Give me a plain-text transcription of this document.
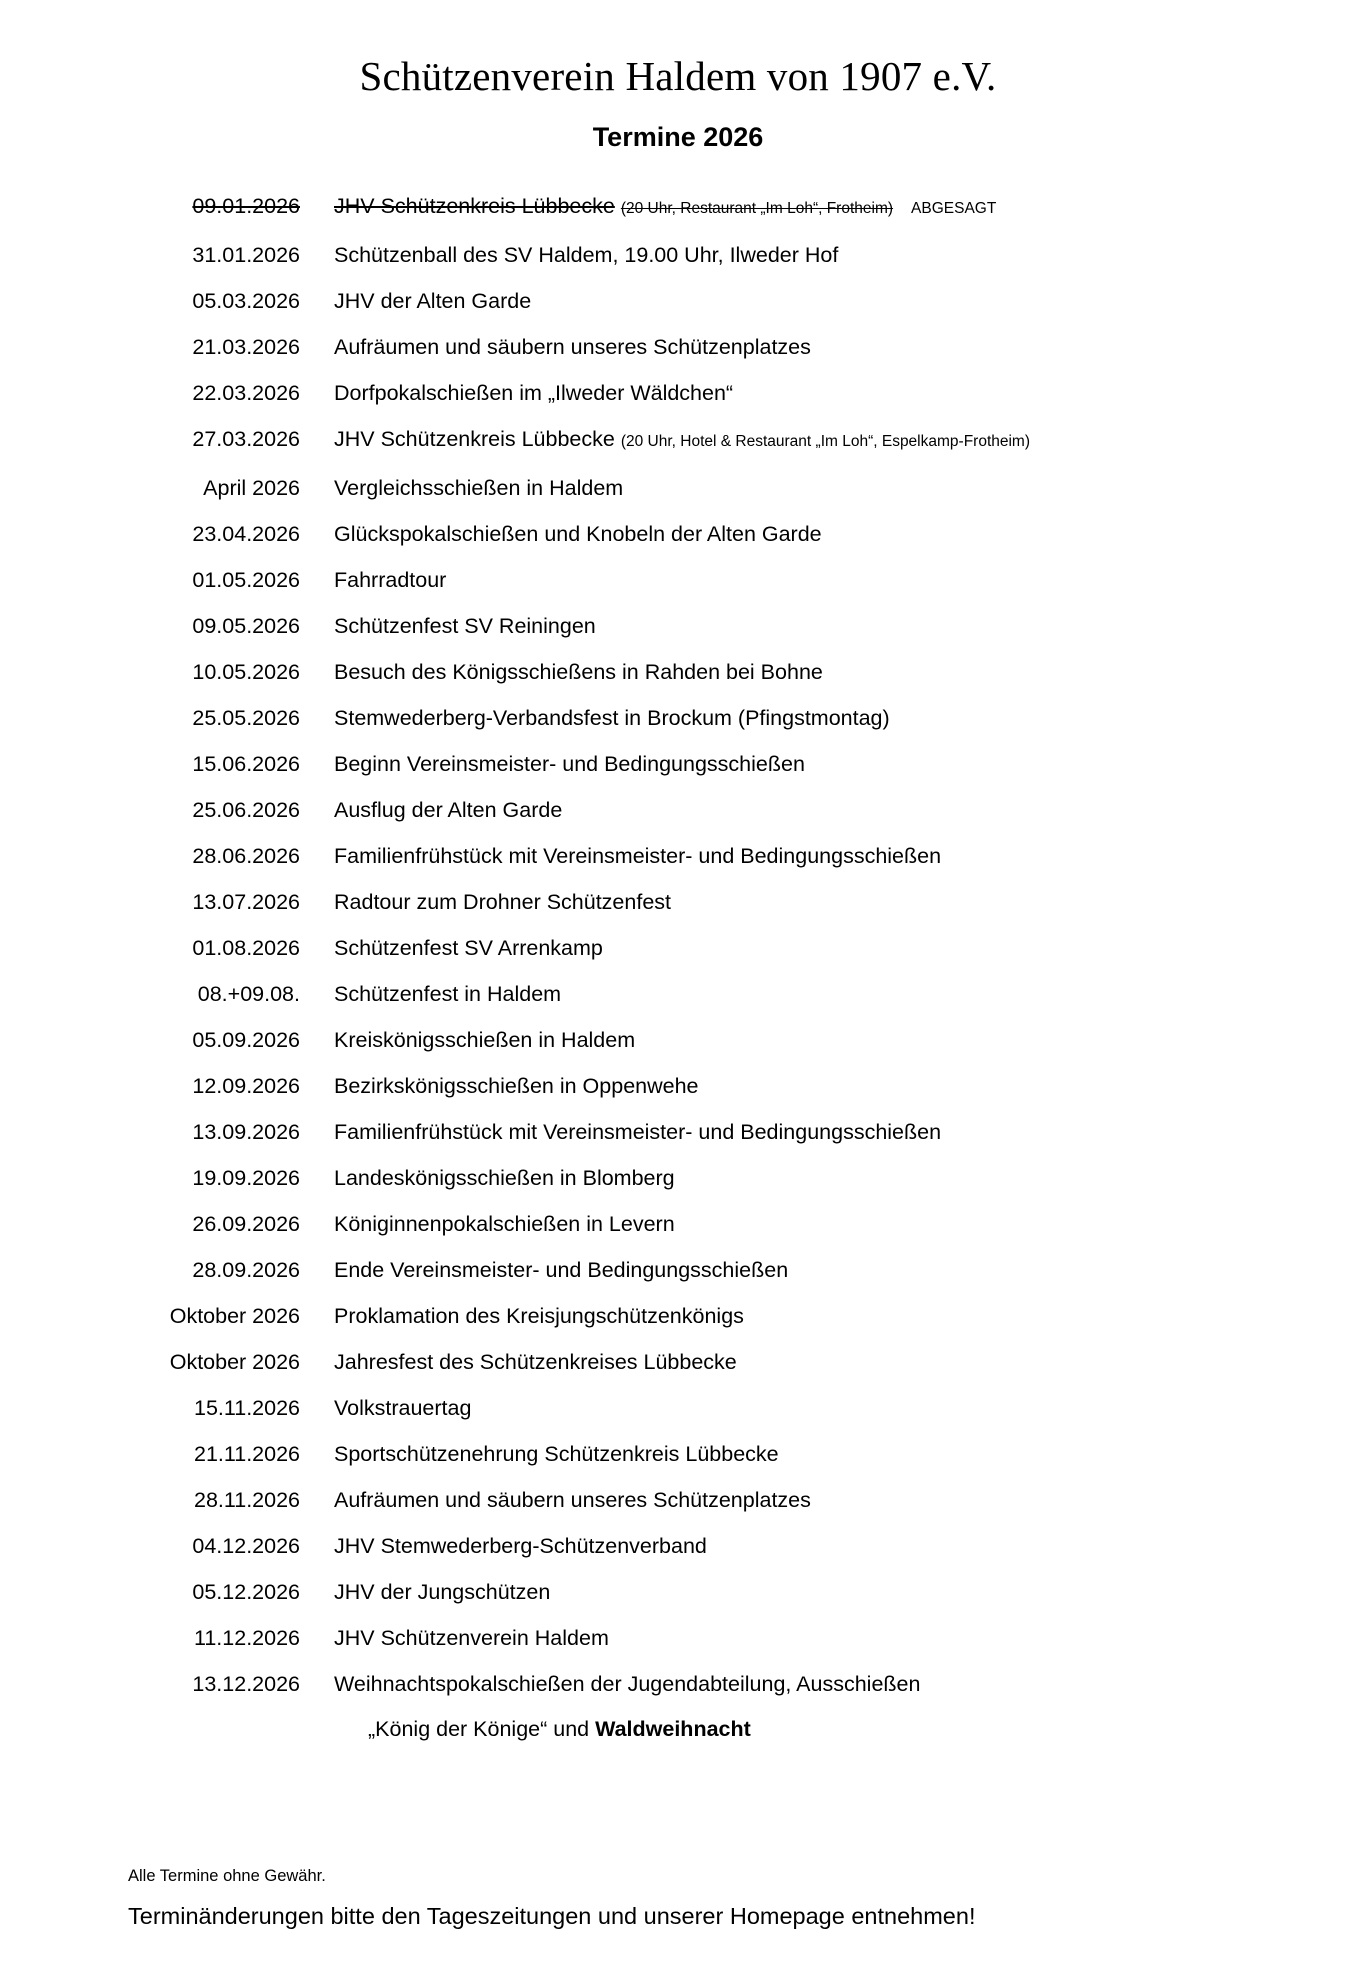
Schützenverein Haldem von 1907 e.V.
Termine 2026
09.01.2026	JHV Schützenkreis Lübbecke (20 Uhr, Restaurant „Im Loh“, Frotheim) ABGESAGT
31.01.2026	Schützenball des SV Haldem, 19.00 Uhr, Ilweder Hof
05.03.2026	JHV der Alten Garde
21.03.2026	Aufräumen und säubern unseres Schützenplatzes
22.03.2026	Dorfpokalschießen im „Ilweder Wäldchen“
27.03.2026	JHV Schützenkreis Lübbecke (20 Uhr, Hotel & Restaurant „Im Loh“, Espelkamp-Frotheim)
April 2026	Vergleichsschießen in Haldem
23.04.2026	Glückspokalschießen und Knobeln der Alten Garde
01.05.2026	Fahrradtour
09.05.2026	Schützenfest SV Reiningen
10.05.2026	Besuch des Königsschießens in Rahden bei Bohne
25.05.2026	Stemwederberg-Verbandsfest in Brockum (Pfingstmontag)
15.06.2026	Beginn Vereinsmeister- und Bedingungsschießen
25.06.2026	Ausflug der Alten Garde
28.06.2026	Familienfrühstück mit Vereinsmeister- und Bedingungsschießen
13.07.2026	Radtour zum Drohner Schützenfest
01.08.2026	Schützenfest SV Arrenkamp
08.+09.08.	Schützenfest in Haldem
05.09.2026	Kreiskönigsschießen in Haldem
12.09.2026	Bezirkskönigsschießen in Oppenwehe
13.09.2026	Familienfrühstück mit Vereinsmeister- und Bedingungsschießen
19.09.2026	Landeskönigsschießen in Blomberg
26.09.2026	Königinnenpokalschießen in Levern
28.09.2026	Ende Vereinsmeister- und Bedingungsschießen
Oktober 2026	Proklamation des Kreisjungschützenkönigs
Oktober 2026	Jahresfest des Schützenkreises Lübbecke
15.11.2026	Volkstrauertag
21.11.2026	Sportschützenehrung Schützenkreis Lübbecke
28.11.2026	Aufräumen und säubern unseres Schützenplatzes
04.12.2026	JHV Stemwederberg-Schützenverband
05.12.2026	JHV der Jungschützen
11.12.2026	JHV Schützenverein Haldem
13.12.2026	Weihnachtspokalschießen der Jugendabteilung, Ausschießen
	„König der Könige“ und Waldweihnacht
Alle Termine ohne Gewähr.
Terminänderungen bitte den Tageszeitungen und unserer Homepage entnehmen!
